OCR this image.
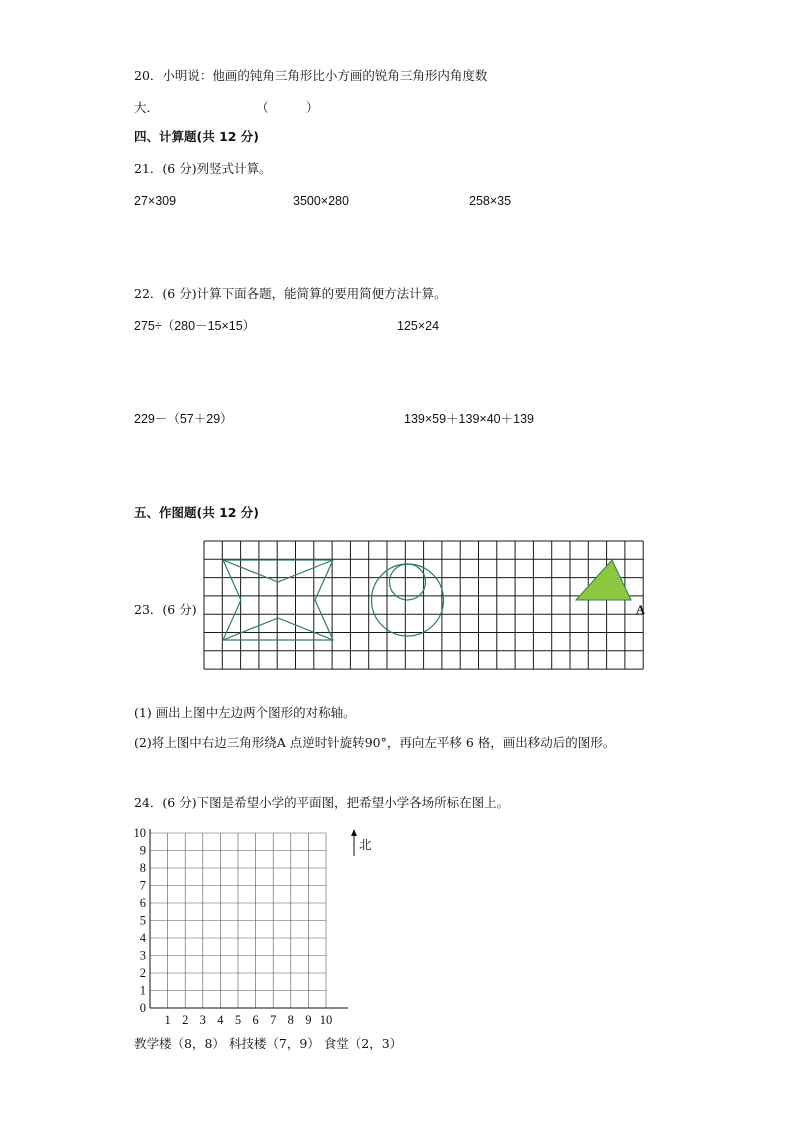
20．小明说：他画的钝角三角形比小方画的锐角三角形内角度数
大．	（　　　）
四、计算题(共 12 分)
21．(6 分)列竖式计算。
27×309	3500×280	258×35
22．(6 分)计算下面各题，能简算的要用简便方法计算。
275÷（280－15×15）	125×24
229－（57＋29）	139×59＋139×40＋139
五、作图题(共 12 分)
23．(6 分)	A
(1) 画出上图中左边两个图形的对称轴。
(2)将上图中右边三角形绕A 点逆时针旋转90°，再向左平移 6 格，画出移动后的图形。
24．(6 分)下图是希望小学的平面图，把希望小学各场所标在图上。
10
9
8
7
6
5
4
3
2
1
0
1 2 3 4 5 6 7 8 9 10
北
教学楼（8，8） 科技楼（7，9） 食堂（2，3）
